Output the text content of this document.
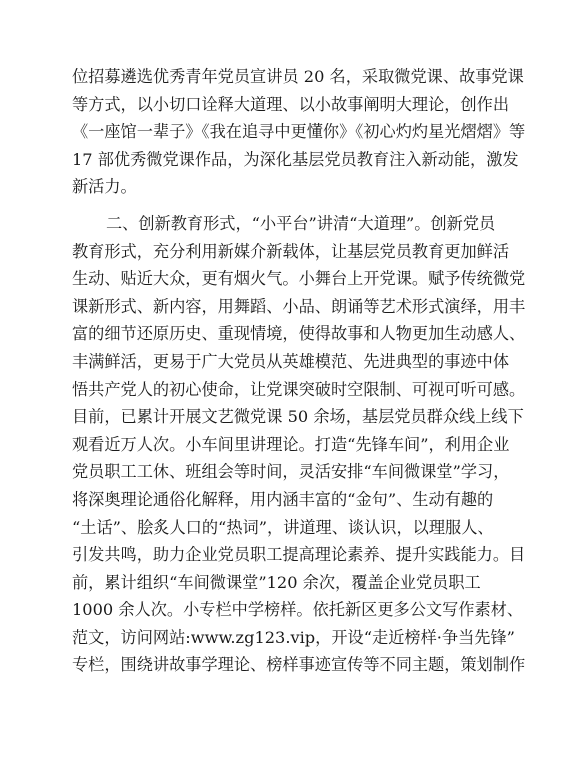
位招募遴选优秀青年党员宣讲员 20 名，采取微党课、故事党课
等方式，以小切口诠释大道理、以小故事阐明大理论，创作出
《一座馆一辈子》《我在追寻中更懂你》《初心灼灼星光熠熠》等
17 部优秀微党课作品，为深化基层党员教育注入新动能，激发
新活力。
二、创新教育形式，“小平台”讲清“大道理”。创新党员
教育形式，充分利用新媒介新载体，让基层党员教育更加鲜活
生动、贴近大众，更有烟火气。小舞台上开党课。赋予传统微党
课新形式、新内容，用舞蹈、小品、朗诵等艺术形式演绎，用丰
富的细节还原历史、重现情境，使得故事和人物更加生动感人、
丰满鲜活，更易于广大党员从英雄模范、先进典型的事迹中体
悟共产党人的初心使命，让党课突破时空限制、可视可听可感。
目前，已累计开展文艺微党课 50 余场，基层党员群众线上线下
观看近万人次。小车间里讲理论。打造“先锋车间”，利用企业
党员职工工休、班组会等时间，灵活安排“车间微课堂”学习，
将深奥理论通俗化解释，用内涵丰富的“金句”、生动有趣的
“土话”、脍炙人口的“热词”，讲道理、谈认识，以理服人、
引发共鸣，助力企业党员职工提高理论素养、提升实践能力。目
前，累计组织“车间微课堂”120 余次，覆盖企业党员职工
1000 余人次。小专栏中学榜样。依托新区更多公文写作素材、
范文，访问网站:www.zg123.vip，开设“走近榜样·争当先锋”
专栏，围绕讲故事学理论、榜样事迹宣传等不同主题，策划制作
